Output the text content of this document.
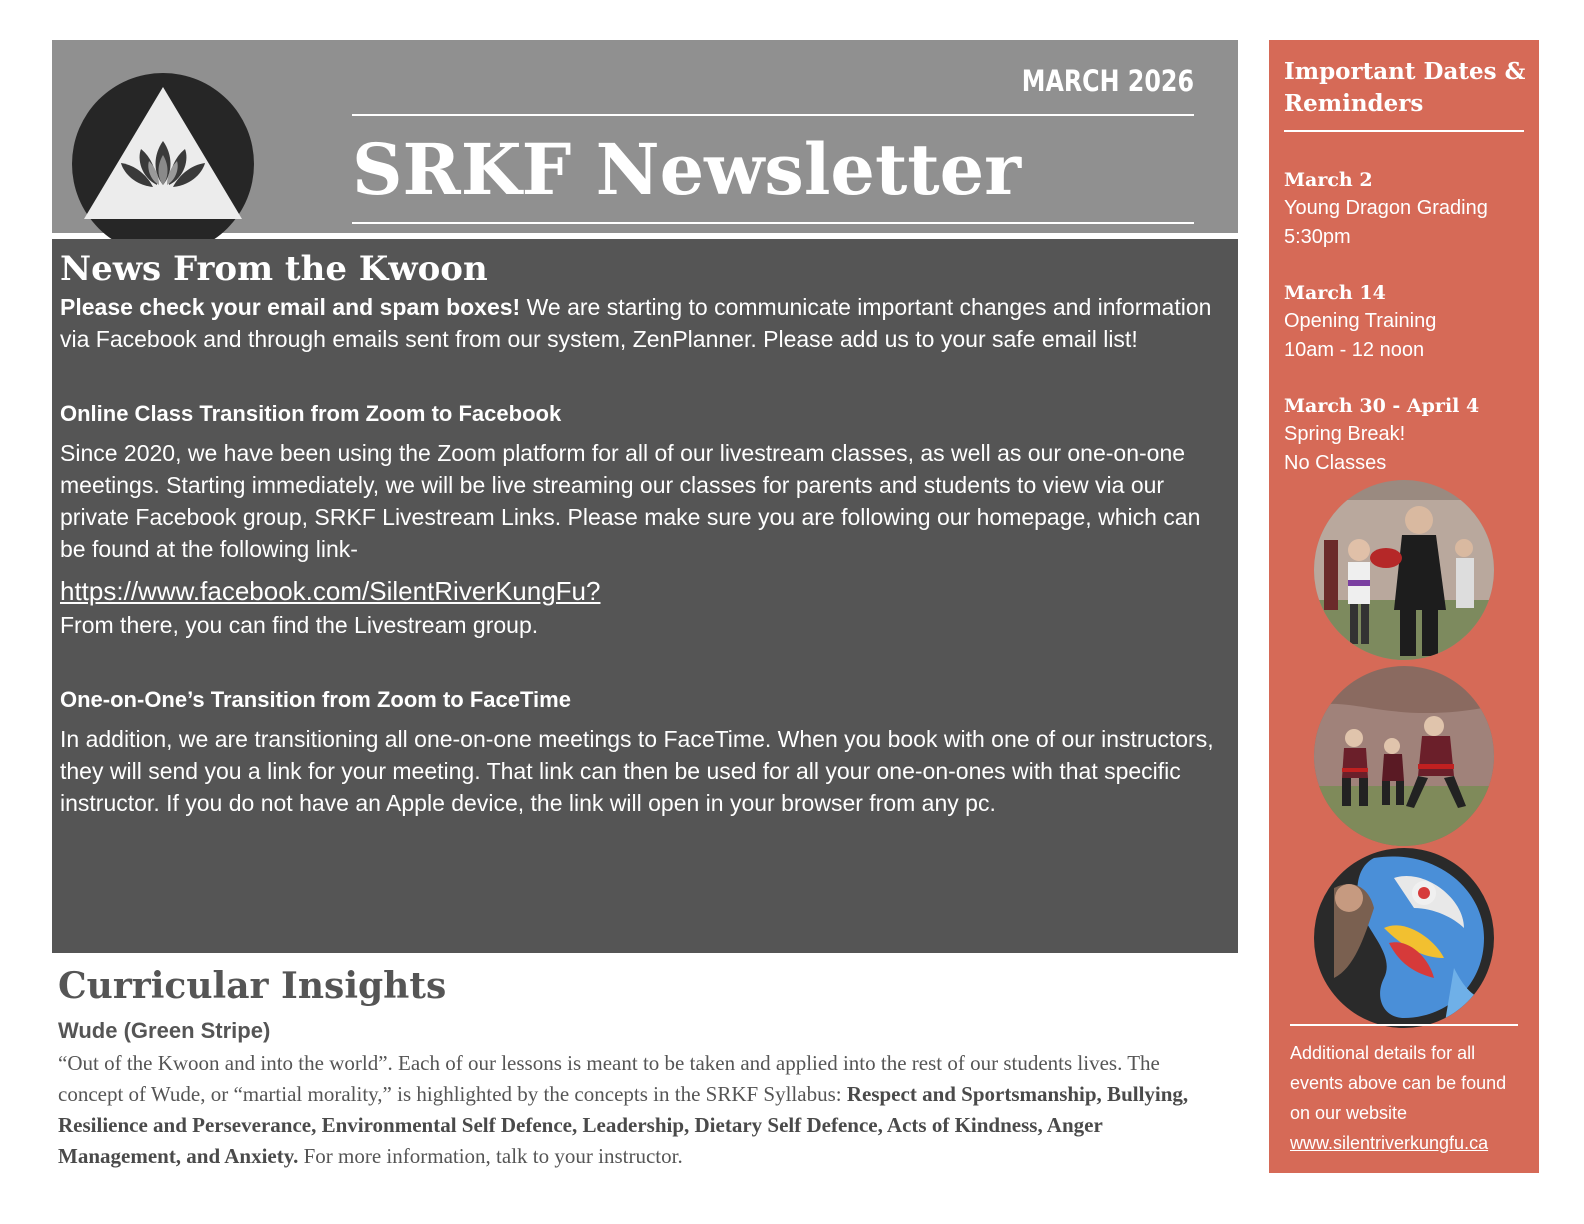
MARCH 2026
SRKF Newsletter
News From the Kwoon

Please check your email and spam boxes! We are starting to communicate important changes and information via Facebook and through emails sent from our system, ZenPlanner. Please add us to your safe email list!

Online Class Transition from Zoom to Facebook

Since 2020, we have been using the Zoom platform for all of our livestream classes, as well as our one-on-one meetings. Starting immediately, we will be live streaming our classes for parents and students to view via our private Facebook group, SRKF Livestream Links. Please make sure you are following our homepage, which can be found at the following link-

https://www.facebook.com/SilentRiverKungFu?

From there, you can find the Livestream group.

One-on-One’s Transition from Zoom to FaceTime

In addition, we are transitioning all one-on-one meetings to FaceTime. When you book with one of our instructors, they will send you a link for your meeting. That link can then be used for all your one-on-ones with that specific instructor. If you do not have an Apple device, the link will open in your browser from any pc.

Curricular Insights
Wude (Green Stripe)

“Out of the Kwoon and into the world”. Each of our lessons is meant to be taken and applied into the rest of our students lives. The concept of Wude, or “martial morality,” is highlighted by the concepts in the SRKF Syllabus: Respect and Sportsmanship, Bullying, Resilience and Perseverance, Environmental Self Defence, Leadership, Dietary Self Defence, Acts of Kindness, Anger Management, and Anxiety. For more information, talk to your instructor.

Important Dates & Reminders
March 2
Young Dragon Grading
5:30pm
March 14
Opening Training
10am - 12 noon
March 30 - April 4
Spring Break!
No Classes
Additional details for all events above can be found on our website
www.silentriverkungfu.ca
